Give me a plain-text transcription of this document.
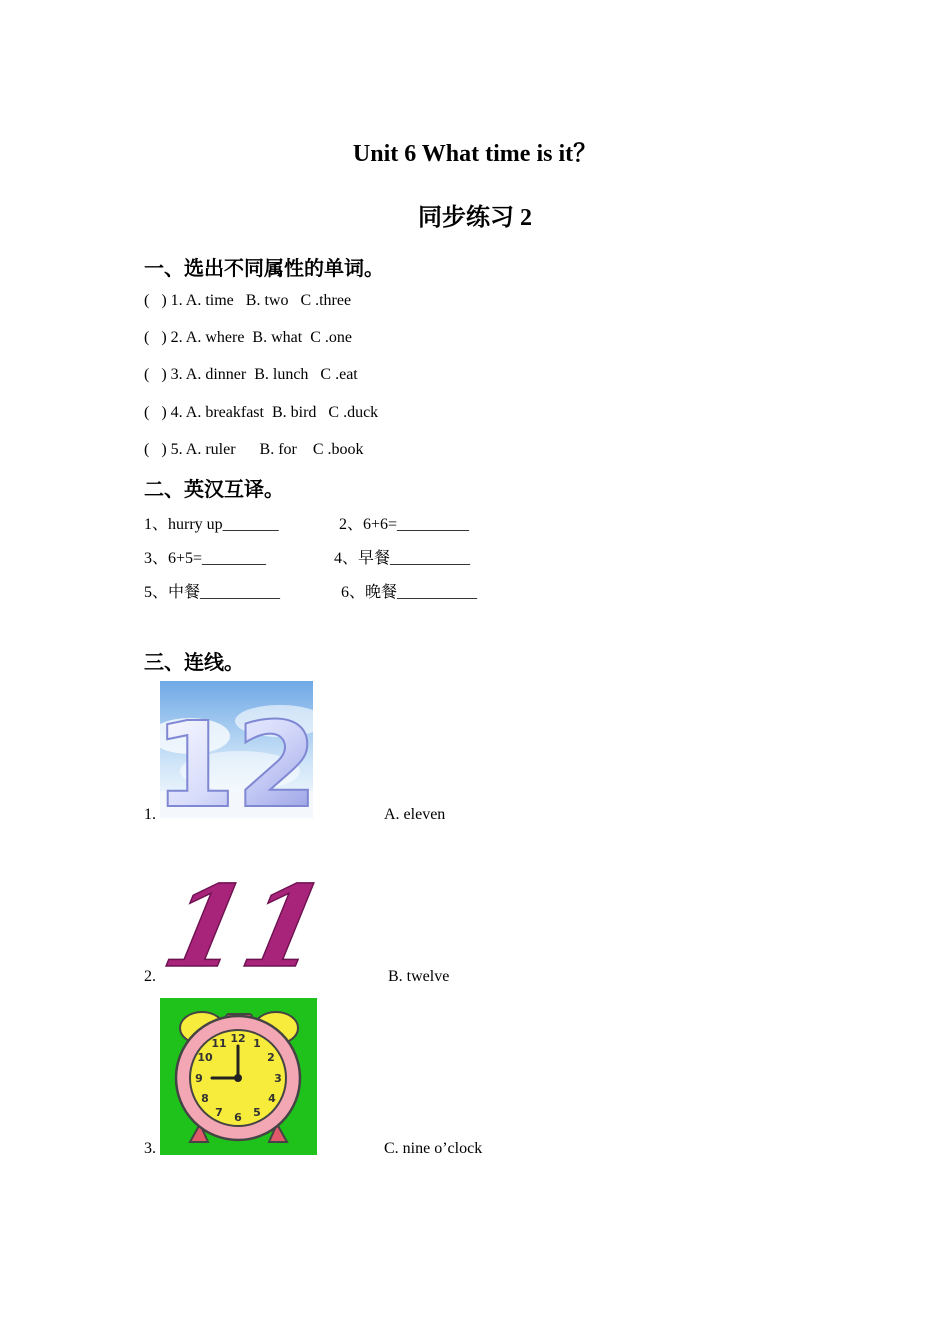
Unit 6 What time is it？
同步练习 2
一、选出不同属性的单词。
(   ) 1. A. time   B. two   C .three
(   ) 2. A. where  B. what  C .one
(   ) 3. A. dinner  B. lunch   C .eat
(   ) 4. A. breakfast  B. bird   C .duck
(   ) 5. A. ruler      B. for    C .book
二、英汉互译。
1、hurry up_______	2、6+6=_________
3、6+5=________	4、早餐__________
5、中餐__________	6、晚餐__________
三、连线。
12
1.	A. eleven
11
2.	B. twelve
12 1
2
3
4
5
6
7
8
9
10
11
3.	C. nine o’clock
